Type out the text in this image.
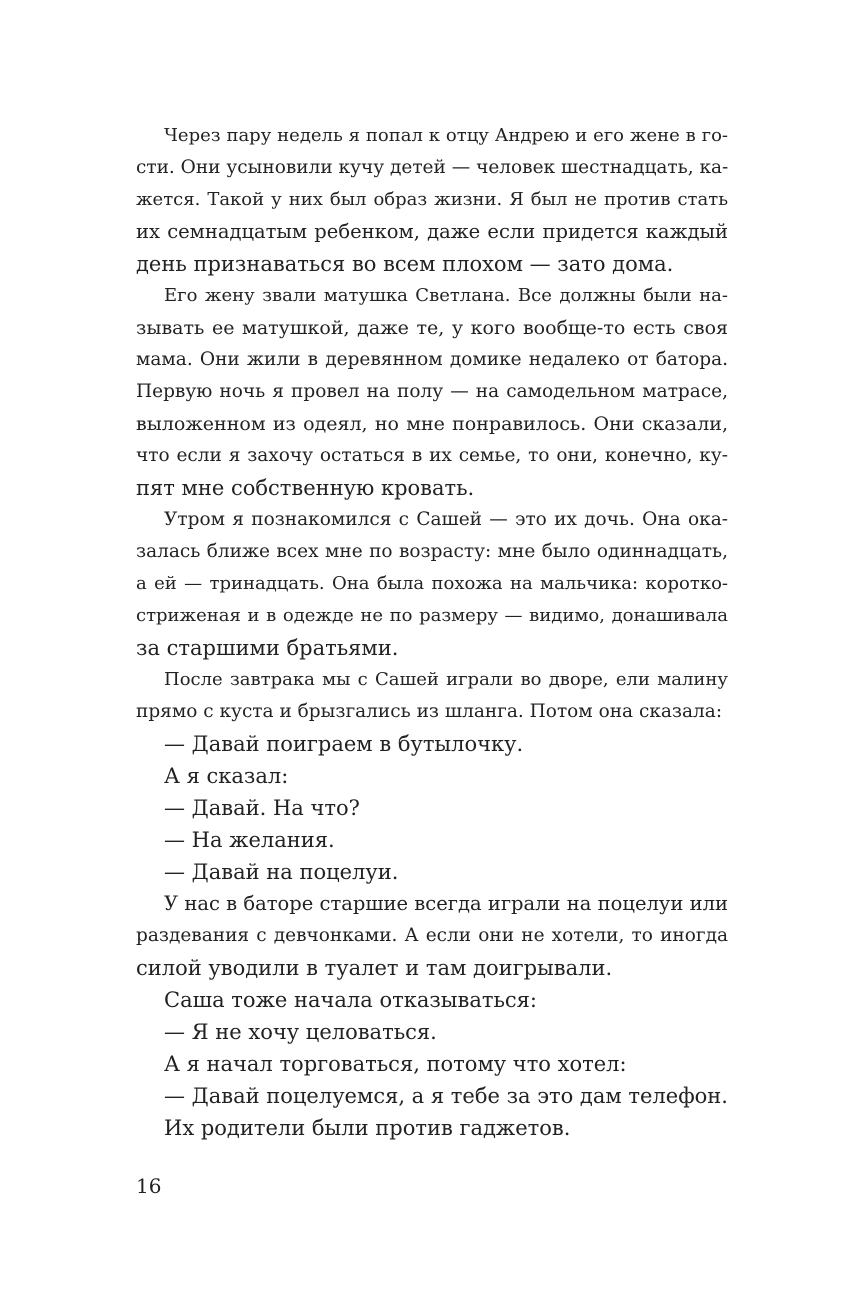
Через пару недель я попал к отцу Андрею и его жене в го-
сти. Они усыновили кучу детей — человек шестнадцать, ка-
жется. Такой у них был образ жизни. Я был не против стать
их семнадцатым ребенком, даже если придется каждый
день признаваться во всем плохом — зато дома.
Его жену звали матушка Светлана. Все должны были на-
зывать ее матушкой, даже те, у кого вообще-то есть своя
мама. Они жили в деревянном домике недалеко от батора.
Первую ночь я провел на полу — на самодельном матрасе,
выложенном из одеял, но мне понравилось. Они сказали,
что если я захочу остаться в их семье, то они, конечно, ку-
пят мне собственную кровать.
Утром я познакомился с Сашей — это их дочь. Она ока-
залась ближе всех мне по возрасту: мне было одиннадцать,
а ей — тринадцать. Она была похожа на мальчика: коротко-
стриженая и в одежде не по размеру — видимо, донашивала
за старшими братьями.
После завтрака мы с Сашей играли во дворе, ели малину
прямо с куста и брызгались из шланга. Потом она сказала:
— Давай поиграем в бутылочку.
А я сказал:
— Давай. На что?
— На желания.
— Давай на поцелуи.
У нас в баторе старшие всегда играли на поцелуи или
раздевания с девчонками. А если они не хотели, то иногда
силой уводили в туалет и там доигрывали.
Саша тоже начала отказываться:
— Я не хочу целоваться.
А я начал торговаться, потому что хотел:
— Давай поцелуемся, а я тебе за это дам телефон.
Их родители были против гаджетов.
16
